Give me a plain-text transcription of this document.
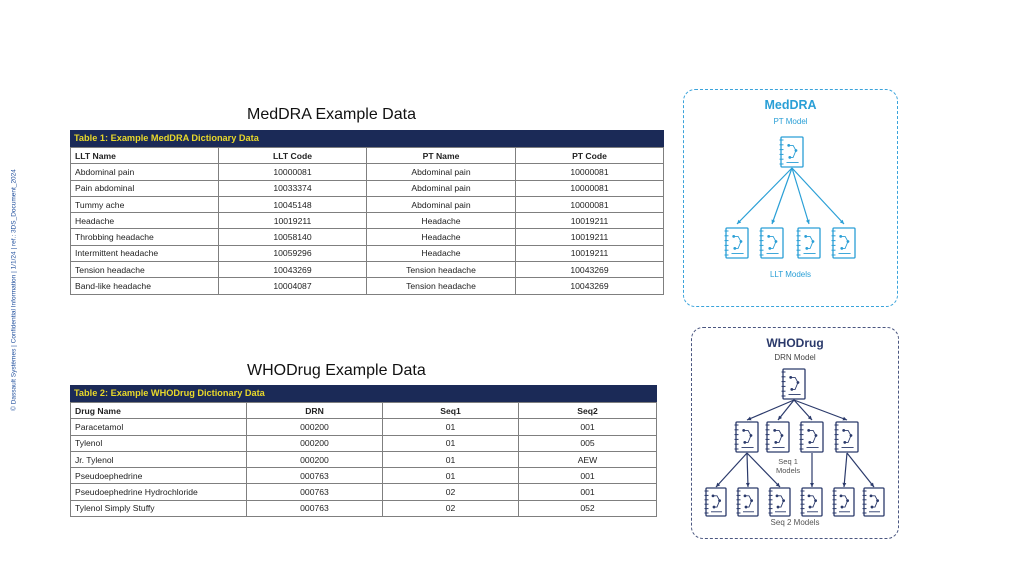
© Dassault Systèmes | Confidential Information | 1/1/24 | ref.: 3DS_Document_2024
MedDRA Example Data
Table 1: Example MedDRA Dictionary Data
LLT Name	LLT Code	PT Name	PT Code
Abdominal pain	10000081	Abdominal pain	10000081
Pain abdominal	10033374	Abdominal pain	10000081
Tummy ache	10045148	Abdominal pain	10000081
Headache	10019211	Headache	10019211
Throbbing headache	10058140	Headache	10019211
Intermittent headache	10059296	Headache	10019211
Tension headache	10043269	Tension headache	10043269
Band-like headache	10004087	Tension headache	10043269
WHODrug Example Data
Table 2: Example WHODrug Dictionary Data
Drug Name	DRN	Seq1	Seq2
Paracetamol	000200	01	001
Tylenol	000200	01	005
Jr. Tylenol	000200	01	AEW
Pseudoephedrine	000763	01	001
Pseudoephedrine Hydrochloride	000763	02	001
Tylenol Simply Stuffy	000763	02	052
MedDRA
PT Model
LLT Models
WHODrug
DRN Model
Seq 1
Models
Seq 2 Models
